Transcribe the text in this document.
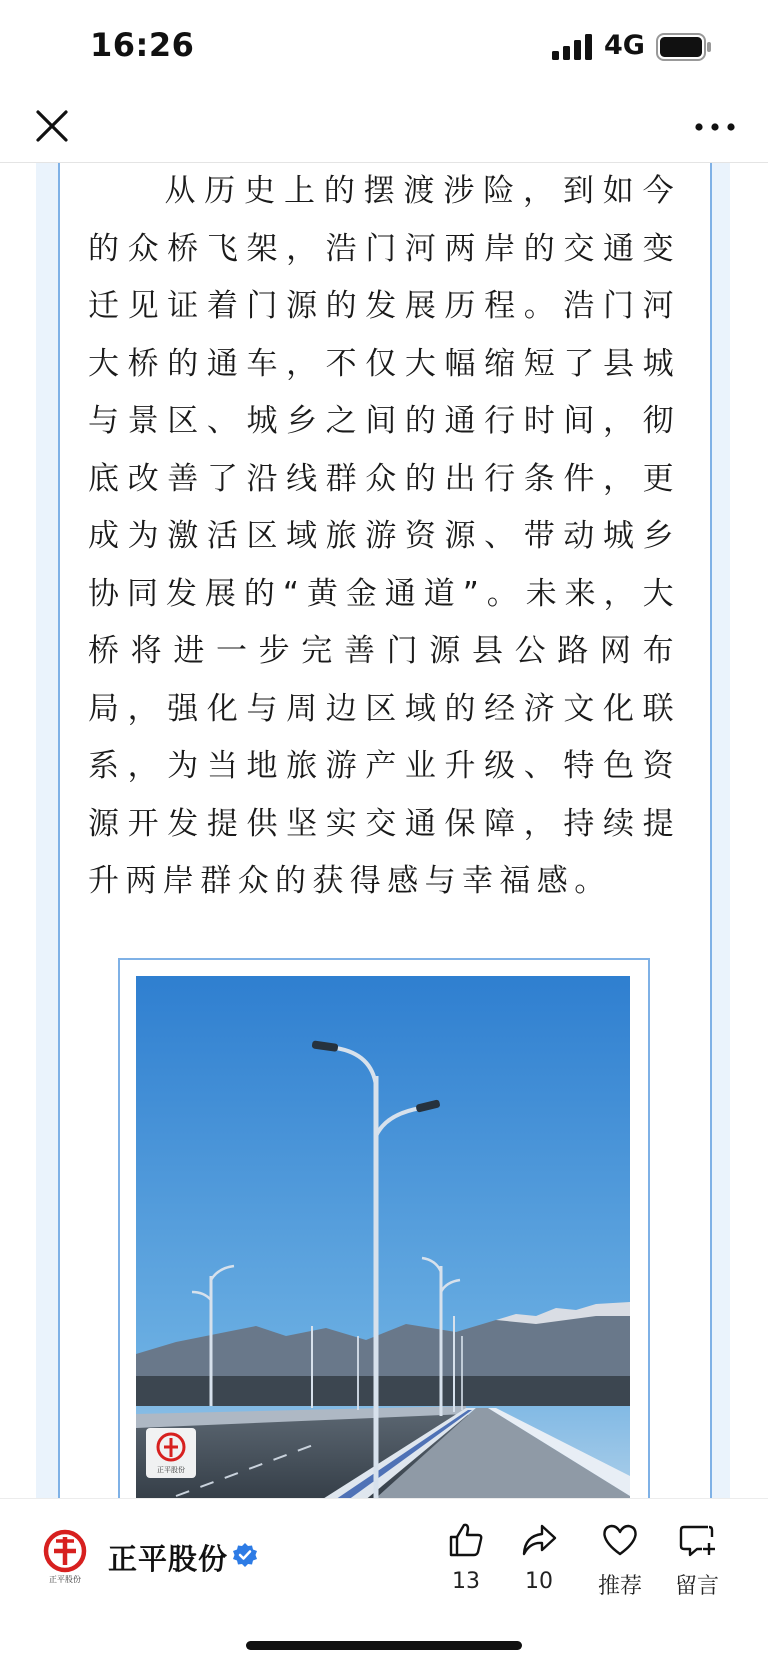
16:26	4G

从历史上的摆渡涉险，到如今的众桥飞架，浩门河两岸的交通变迁见证着门源的发展历程。浩门河大桥的通车，不仅大幅缩短了县城与景区、城乡之间的通行时间，彻底改善了沿线群众的出行条件，更成为激活区域旅游资源、带动城乡协同发展的“黄金通道”。未来，大桥将进一步完善门源县公路网布局，强化与周边区域的经济文化联系，为当地旅游产业升级、特色资源开发提供坚实交通保障，持续提升两岸群众的获得感与幸福感。

正平股份
正平股份
正平股份
13	10	推荐	留言
